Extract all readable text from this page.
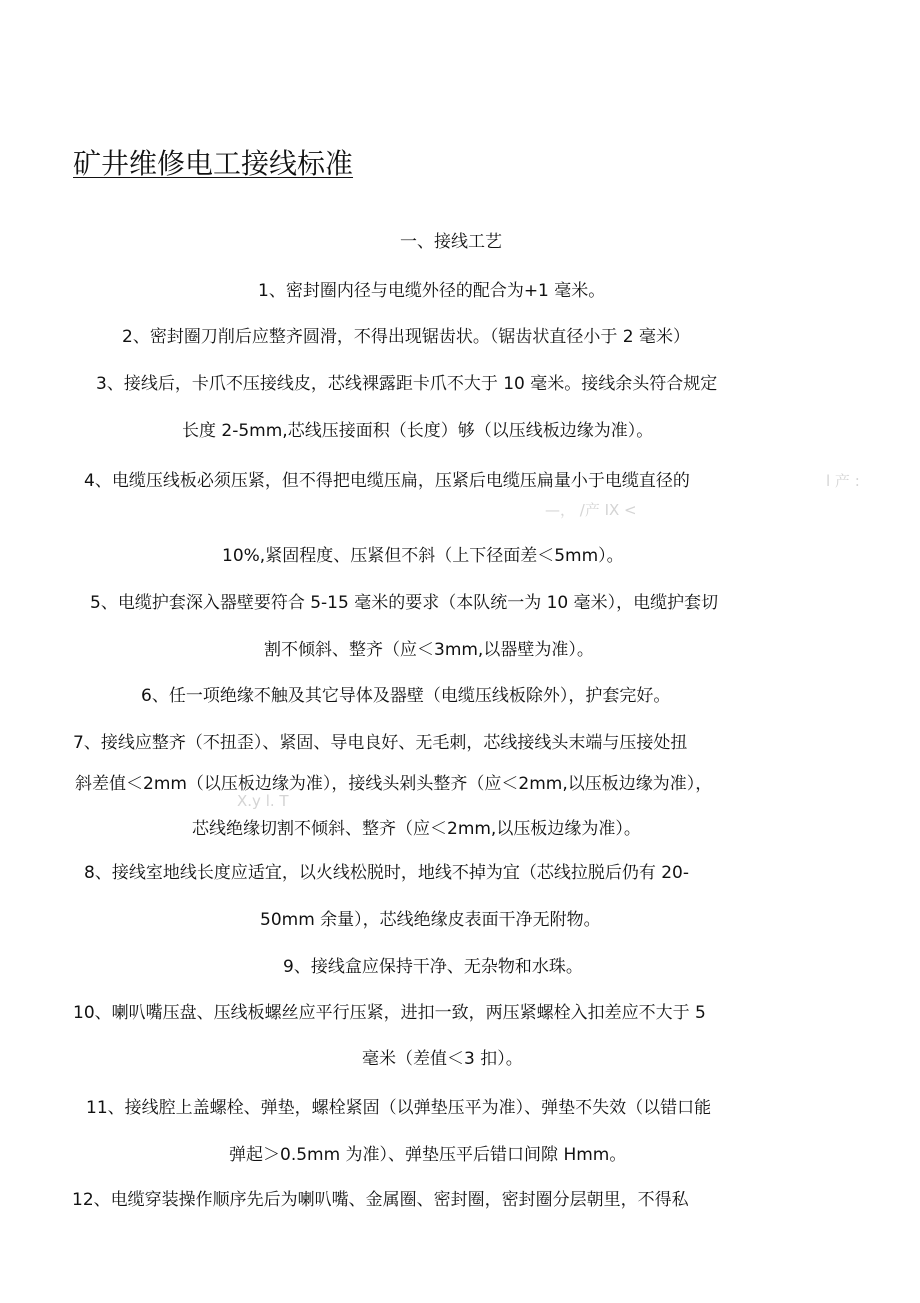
矿井维修电工接线标准
一、接线工艺
1、密封圈内径与电缆外径的配合为+1 毫米。
2、密封圈刀削后应整齐圆滑，不得出现锯齿状。（锯齿状直径小于 2 毫米）
3、接线后，卡爪不压接线皮，芯线裸露距卡爪不大于 10 毫米。接线余头符合规定
长度 2-5mm,芯线压接面积（长度）够（以压线板边缘为准）。
4、电缆压线板必须压紧，但不得把电缆压扁，压紧后电缆压扁量小于电缆直径的	l 产 :
—， /产 IX <
10%,紧固程度、压紧但不斜（上下径面差＜5mm）。
5、电缆护套深入器壁要符合 5-15 毫米的要求（本队统一为 10 毫米），电缆护套切
割不倾斜、整齐（应＜3mm,以器壁为准）。
6、任一项绝缘不触及其它导体及器壁（电缆压线板除外），护套完好。
7、接线应整齐（不扭歪）、紧固、导电良好、无毛刺，芯线接线头末端与压接处扭
斜差值＜2mm（以压板边缘为准），接线头剁头整齐（应＜2mm,以压板边缘为准），
X.y l. T
芯线绝缘切割不倾斜、整齐（应＜2mm,以压板边缘为准）。
8、接线室地线长度应适宜，以火线松脱时，地线不掉为宜（芯线拉脱后仍有 20-
50mm 余量），芯线绝缘皮表面干净无附物。
9、接线盒应保持干净、无杂物和水珠。
10、喇叭嘴压盘、压线板螺丝应平行压紧，进扣一致，两压紧螺栓入扣差应不大于 5
毫米（差值＜3 扣）。
11、接线腔上盖螺栓、弹垫，螺栓紧固（以弹垫压平为准）、弹垫不失效（以错口能
弹起＞0.5mm 为准）、弹垫压平后错口间隙 Hmm。
12、电缆穿装操作顺序先后为喇叭嘴、金属圈、密封圈，密封圈分层朝里，不得私
